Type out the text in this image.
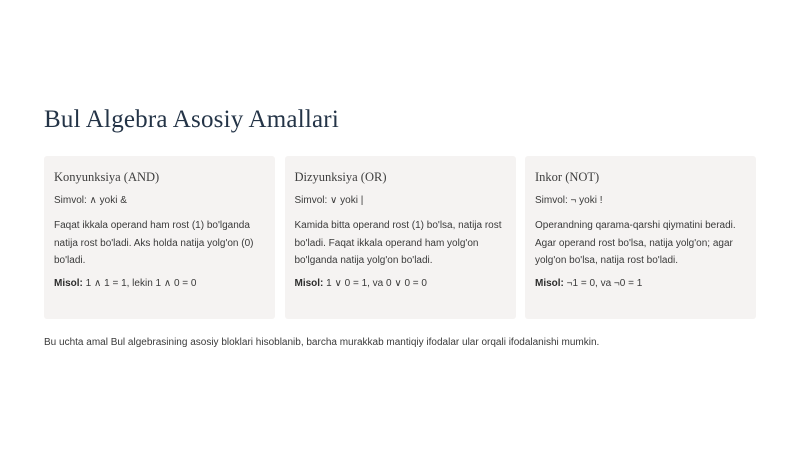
Bul Algebra Asosiy Amallari
Konyunksiya (AND)

Simvol: ∧ yoki &

Faqat ikkala operand ham rost (1) bo'lganda natija rost bo'ladi. Aks holda natija yolg'on (0) bo'ladi.

Misol: 1 ∧ 1 = 1, lekin 1 ∧ 0 = 0

Dizyunksiya (OR)

Simvol: ∨ yoki |

Kamida bitta operand rost (1) bo'lsa, natija rost bo'ladi. Faqat ikkala operand ham yolg'on bo'lganda natija yolg'on bo'ladi.

Misol: 1 ∨ 0 = 1, va 0 ∨ 0 = 0

Inkor (NOT)

Simvol: ¬ yoki !

Operandning qarama-qarshi qiymatini beradi. Agar operand rost bo'lsa, natija yolg'on; agar yolg'on bo'lsa, natija rost bo'ladi.

Misol: ¬1 = 0, va ¬0 = 1

Bu uchta amal Bul algebrasining asosiy bloklari hisoblanib, barcha murakkab mantiqiy ifodalar ular orqali ifodalanishi mumkin.
